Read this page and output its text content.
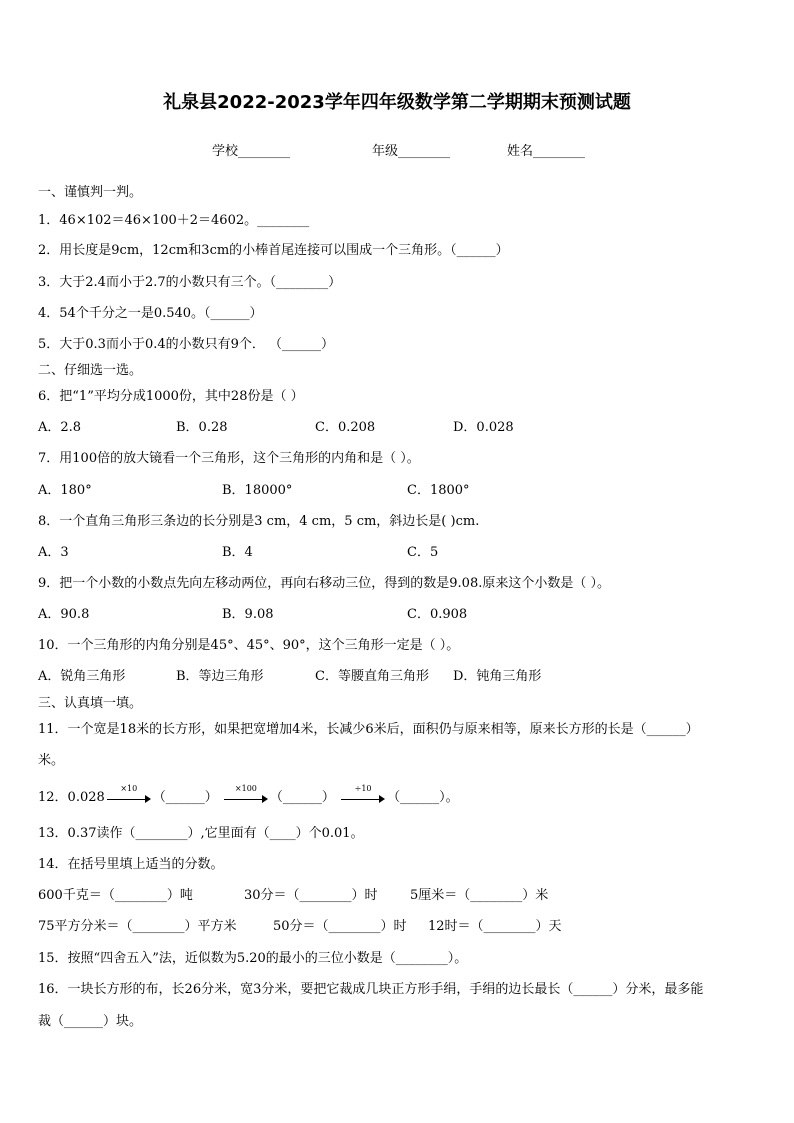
礼泉县2022-2023学年四年级数学第二学期期末预测试题
学校________	年级________	姓名________
一、谨慎判一判。
1．46×102＝46×100＋2＝4602。________
2．用长度是9cm，12cm和3cm的小棒首尾连接可以围成一个三角形。（______）
3．大于2.4而小于2.7的小数只有三个。（________）
4．54个千分之一是0.540。（______）
5．大于0.3而小于0.4的小数只有9个． （______）
二、仔细选一选。
6．把“1”平均分成1000份，其中28份是（ ）
A．2.8	B．0.28	C．0.208	D．0.028
7．用100倍的放大镜看一个三角形，这个三角形的内角和是（ ）。
A．180°	B．18000°	C．1800°
8．一个直角三角形三条边的长分别是3 cm，4 cm，5 cm，斜边长是( )cm.
A．3	B．4	C．5
9．把一个小数的小数点先向左移动两位，再向右移动三位，得到的数是9.08.原来这个小数是（ ）。
A．90.8	B．9.08	C．0.908
10．一个三角形的内角分别是45°、45°、90°，这个三角形一定是（ ）。
A．锐角三角形	B．等边三角形	C．等腰直角三角形 D．钝角三角形
三、认真填一填。
11．一个宽是18米的长方形，如果把宽增加4米，长减少6米后，面积仍与原来相等，原来长方形的长是（______）
米。
12．0.028
×10
（______）
×100
（______）
÷10
（______）。
13．0.37读作（________）,它里面有（____）个0.01。
14．在括号里填上适当的分数。
600千克＝（________）吨	30分＝（________）时 5厘米＝（________）米
75平方分米＝（________）平方米	50分＝（________）时 12时＝（________）天
15．按照“四舍五入”法，近似数为5.20的最小的三位小数是（________）。
16．一块长方形的布，长26分米，宽3分米，要把它裁成几块正方形手绢，手绢的边长最长（______）分米，最多能
裁（______）块。
